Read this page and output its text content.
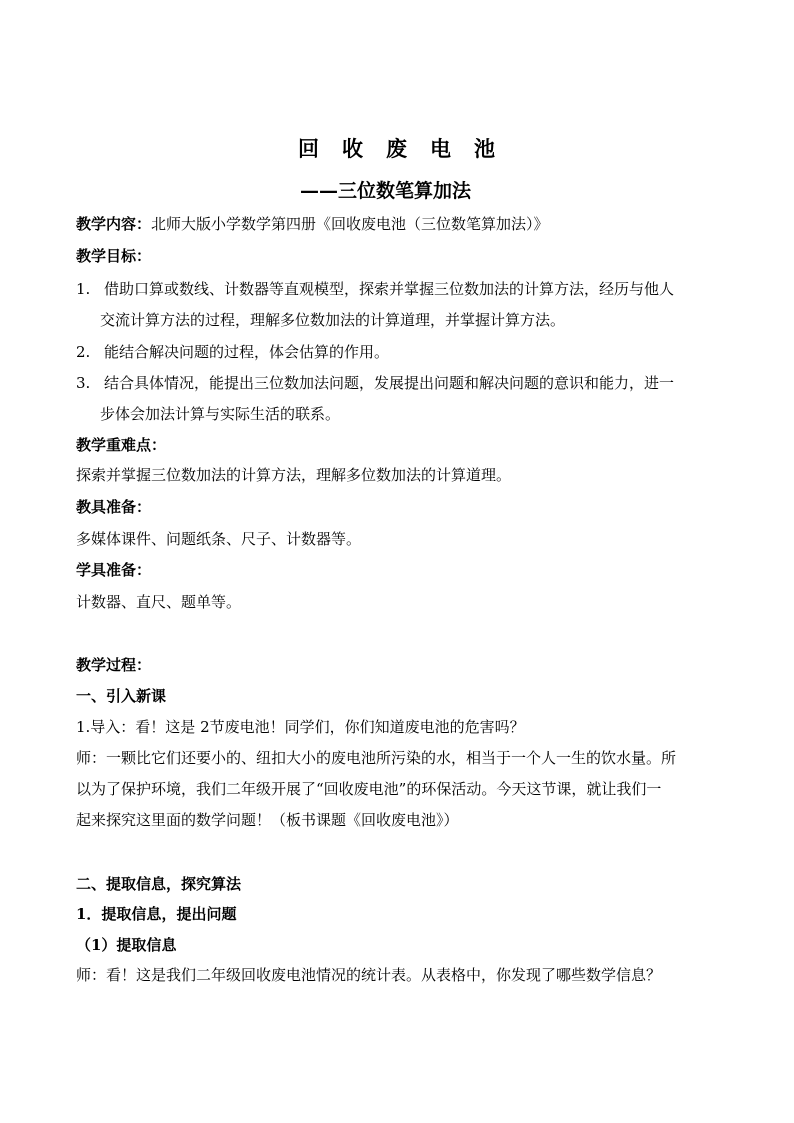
回　收　废　电　池
——三位数笔算加法
教学内容：北师大版小学数学第四册《回收废电池（三位数笔算加法）》
教学目标：
1. 借助口算或数线、计数器等直观模型，探索并掌握三位数加法的计算方法，经历与他人
交流计算方法的过程，理解多位数加法的计算道理，并掌握计算方法。
2. 能结合解决问题的过程，体会估算的作用。
3. 结合具体情况，能提出三位数加法问题，发展提出问题和解决问题的意识和能力，进一
步体会加法计算与实际生活的联系。
教学重难点：
探索并掌握三位数加法的计算方法，理解多位数加法的计算道理。
教具准备：
多媒体课件、问题纸条、尺子、计数器等。
学具准备：
计数器、直尺、题单等。
教学过程：
一、引入新课
1.导入：看！这是 2节废电池！同学们，你们知道废电池的危害吗？
师：一颗比它们还要小的、纽扣大小的废电池所污染的水，相当于一个人一生的饮水量。所
以为了保护环境，我们二年级开展了“回收废电池”的环保活动。今天这节课，就让我们一
起来探究这里面的数学问题！（板书课题《回收废电池》）
二、提取信息，探究算法
1．提取信息，提出问题
（1）提取信息
师：看！这是我们二年级回收废电池情况的统计表。从表格中，你发现了哪些数学信息？
